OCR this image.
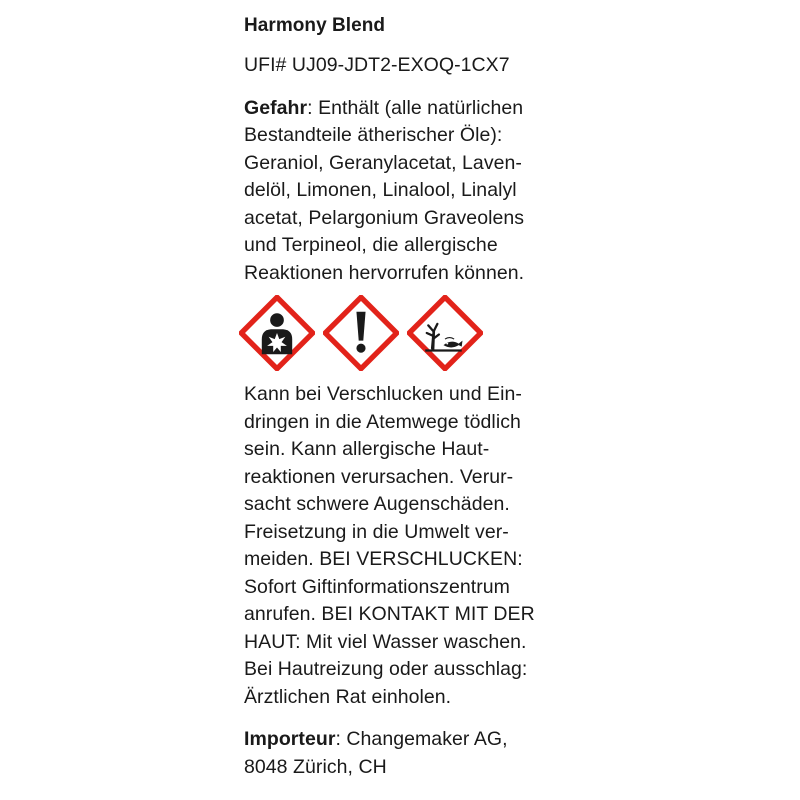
Harmony Blend
UFI# UJ09-JDT2-EXOQ-1CX7
Gefahr: Enthält (alle natürlichen
Bestandteile ätherischer Öle):
Geraniol, Geranylacetat, Laven-
delöl, Limonen, Linalool, Linalyl
acetat, Pelargonium Graveolens
und Terpineol, die allergische
Reaktionen hervorrufen können.
Kann bei Verschlucken und Ein-
dringen in die Atemwege tödlich
sein. Kann allergische Haut-
reaktionen verursachen. Verur-
sacht schwere Augenschäden.
Freisetzung in die Umwelt ver-
meiden. BEI VERSCHLUCKEN:
Sofort Giftinformationszentrum
anrufen. BEI KONTAKT MIT DER
HAUT: Mit viel Wasser waschen.
Bei Hautreizung oder ausschlag:
Ärztlichen Rat einholen.
Importeur: Changemaker AG,
8048 Zürich, CH
